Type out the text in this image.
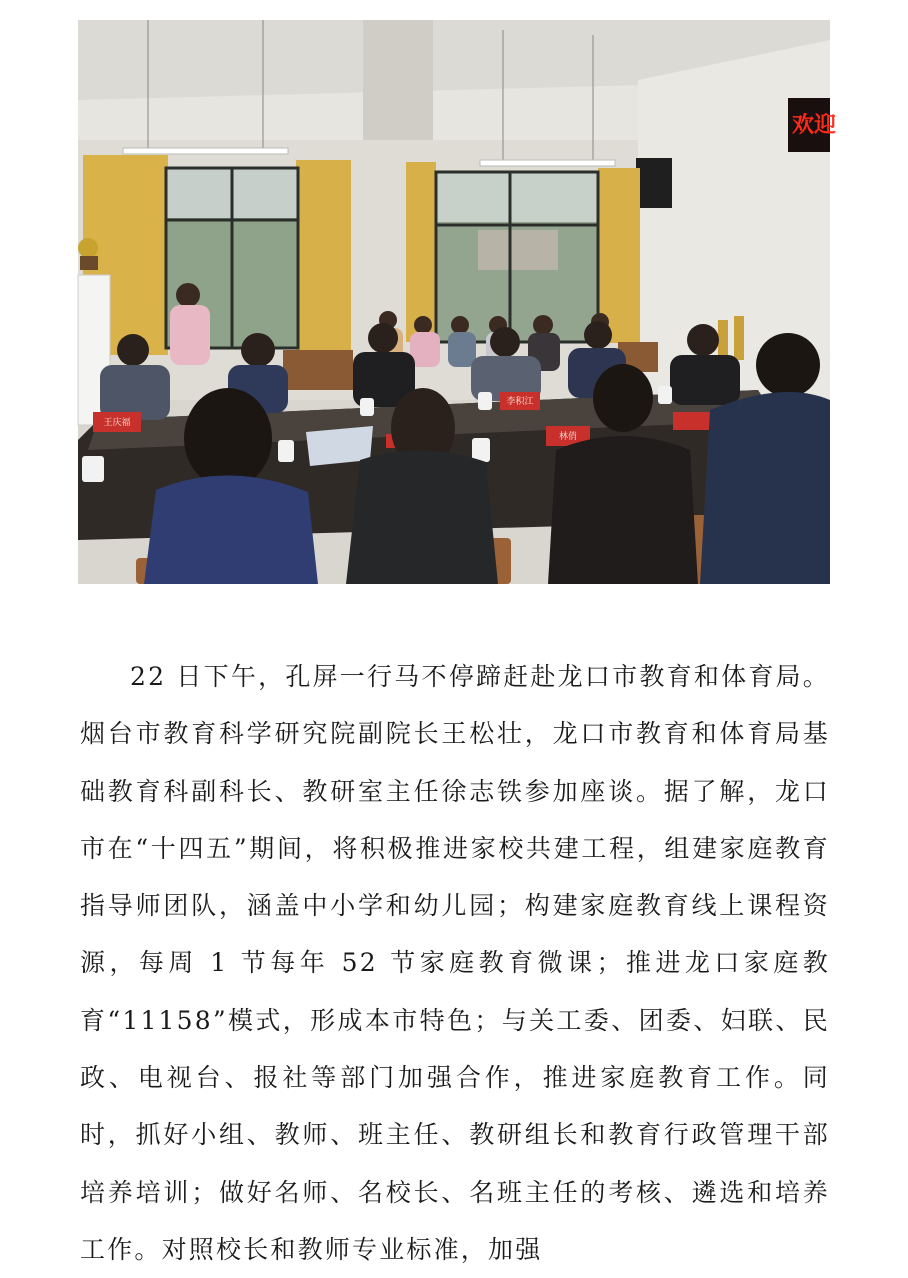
欢迎
王庆福
李积江
林俏

22 日下午，孔屏一行马不停蹄赶赴龙口市教育和体育局。烟台市教育科学研究院副院长王松壮，龙口市教育和体育局基础教育科副科长、教研室主任徐志铁参加座谈。据了解，龙口市在“十四五”期间，将积极推进家校共建工程，组建家庭教育指导师团队，涵盖中小学和幼儿园；构建家庭教育线上课程资源，每周 1 节每年 52 节家庭教育微课；推进龙口家庭教育“11158”模式，形成本市特色；与关工委、团委、妇联、民政、电视台、报社等部门加强合作，推进家庭教育工作。同时，抓好小组、教师、班主任、教研组长和教育行政管理干部培养培训；做好名师、名校长、名班主任的考核、遴选和培养工作。对照校长和教师专业标准，加强
